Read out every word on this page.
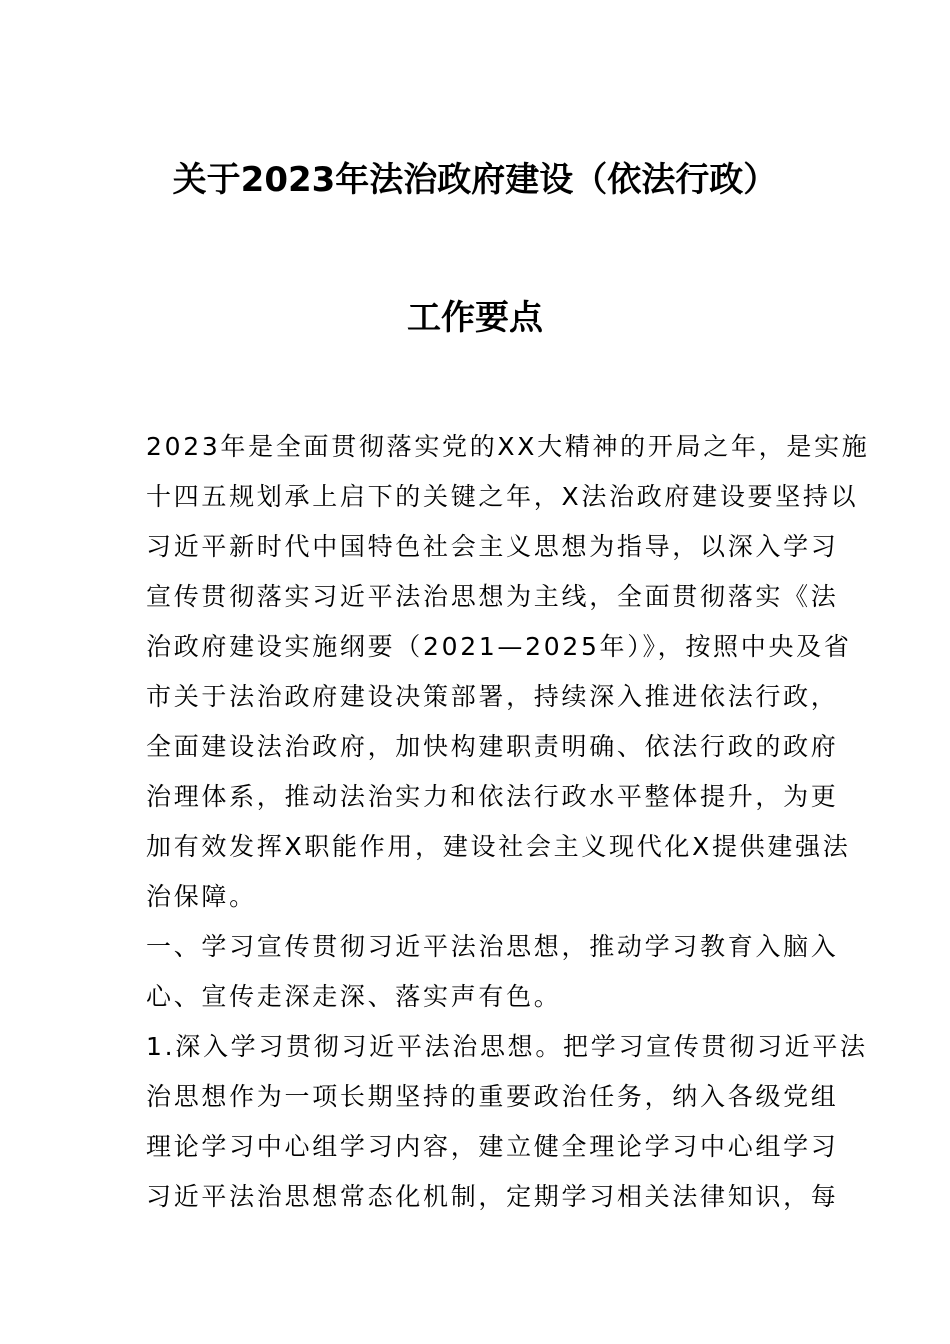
关于2023年法治政府建设（依法行政）
工作要点
2023年是全面贯彻落实党的XX大精神的开局之年，是实施
十四五规划承上启下的关键之年，X法治政府建设要坚持以
习近平新时代中国特色社会主义思想为指导，以深入学习
宣传贯彻落实习近平法治思想为主线，全面贯彻落实《法
治政府建设实施纲要（2021—2025年）》，按照中央及省
市关于法治政府建设决策部署，持续深入推进依法行政，
全面建设法治政府，加快构建职责明确、依法行政的政府
治理体系，推动法治实力和依法行政水平整体提升，为更
加有效发挥X职能作用，建设社会主义现代化X提供建强法
治保障。
一、学习宣传贯彻习近平法治思想，推动学习教育入脑入
心、宣传走深走深、落实声有色。
1.深入学习贯彻习近平法治思想。把学习宣传贯彻习近平法
治思想作为一项长期坚持的重要政治任务，纳入各级党组
理论学习中心组学习内容，建立健全理论学习中心组学习
习近平法治思想常态化机制，定期学习相关法律知识，每
